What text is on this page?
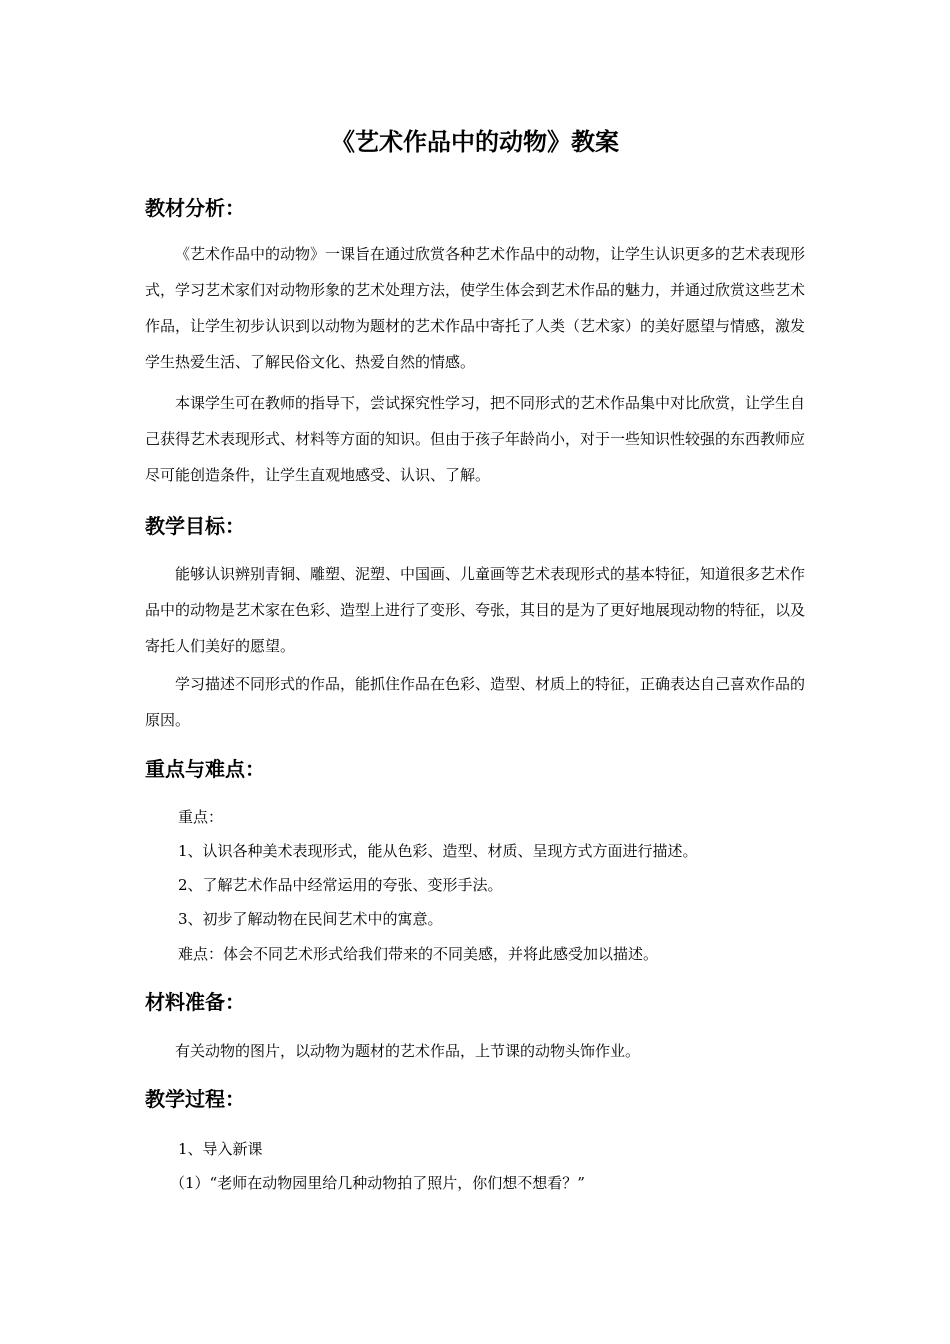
《艺术作品中的动物》教案
教材分析：

《艺术作品中的动物》一课旨在通过欣赏各种艺术作品中的动物，让学生认识更多的艺术表现形式，学习艺术家们对动物形象的艺术处理方法，使学生体会到艺术作品的魅力，并通过欣赏这些艺术作品，让学生初步认识到以动物为题材的艺术作品中寄托了人类（艺术家）的美好愿望与情感，激发学生热爱生活、了解民俗文化、热爱自然的情感。

本课学生可在教师的指导下，尝试探究性学习，把不同形式的艺术作品集中对比欣赏，让学生自己获得艺术表现形式、材料等方面的知识。但由于孩子年龄尚小，对于一些知识性较强的东西教师应尽可能创造条件，让学生直观地感受、认识、了解。

教学目标：

能够认识辨别青铜、雕塑、泥塑、中国画、儿童画等艺术表现形式的基本特征，知道很多艺术作品中的动物是艺术家在色彩、造型上进行了变形、夸张，其目的是为了更好地展现动物的特征，以及寄托人们美好的愿望。

学习描述不同形式的作品，能抓住作品在色彩、造型、材质上的特征，正确表达自己喜欢作品的原因。

重点与难点：

重点：

1、认识各种美术表现形式，能从色彩、造型、材质、呈现方式方面进行描述。

2、了解艺术作品中经常运用的夸张、变形手法。

3、初步了解动物在民间艺术中的寓意。

难点：体会不同艺术形式给我们带来的不同美感，并将此感受加以描述。

材料准备：

有关动物的图片，以动物为题材的艺术作品，上节课的动物头饰作业。

教学过程：

1、导入新课

（1）“老师在动物园里给几种动物拍了照片，你们想不想看？”
